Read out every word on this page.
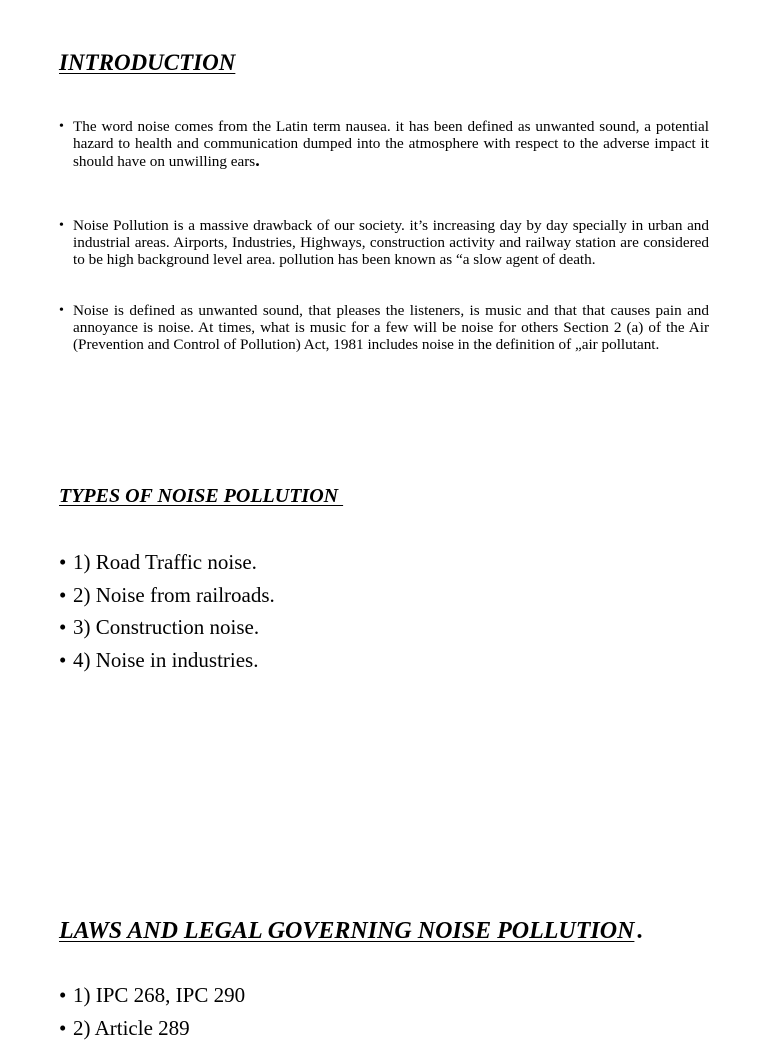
INTRODUCTION
• The word noise comes from the Latin term nausea. it has been defined as unwanted sound, a potential hazard to health and communication dumped into the atmosphere with respect to the adverse impact it should have on unwilling ears.
• Noise Pollution is a massive drawback of our society. it’s increasing day by day specially in urban and industrial areas. Airports, Industries, Highways, construction activity and railway station are considered to be high background level area. pollution has been known as “a slow agent of death.
• Noise is defined as unwanted sound, that pleases the listeners, is music and that that causes pain and annoyance is noise. At times, what is music for a few will be noise for others Section 2 (a) of the Air (Prevention and Control of Pollution) Act, 1981 includes noise in the definition of „air pollutant.
TYPES OF NOISE POLLUTION
• 1) Road Traffic noise.
• 2) Noise from railroads.
• 3) Construction noise.
• 4) Noise in industries.
LAWS AND LEGAL GOVERNING NOISE POLLUTION .
• 1) IPC 268, IPC 290
• 2) Article 289
